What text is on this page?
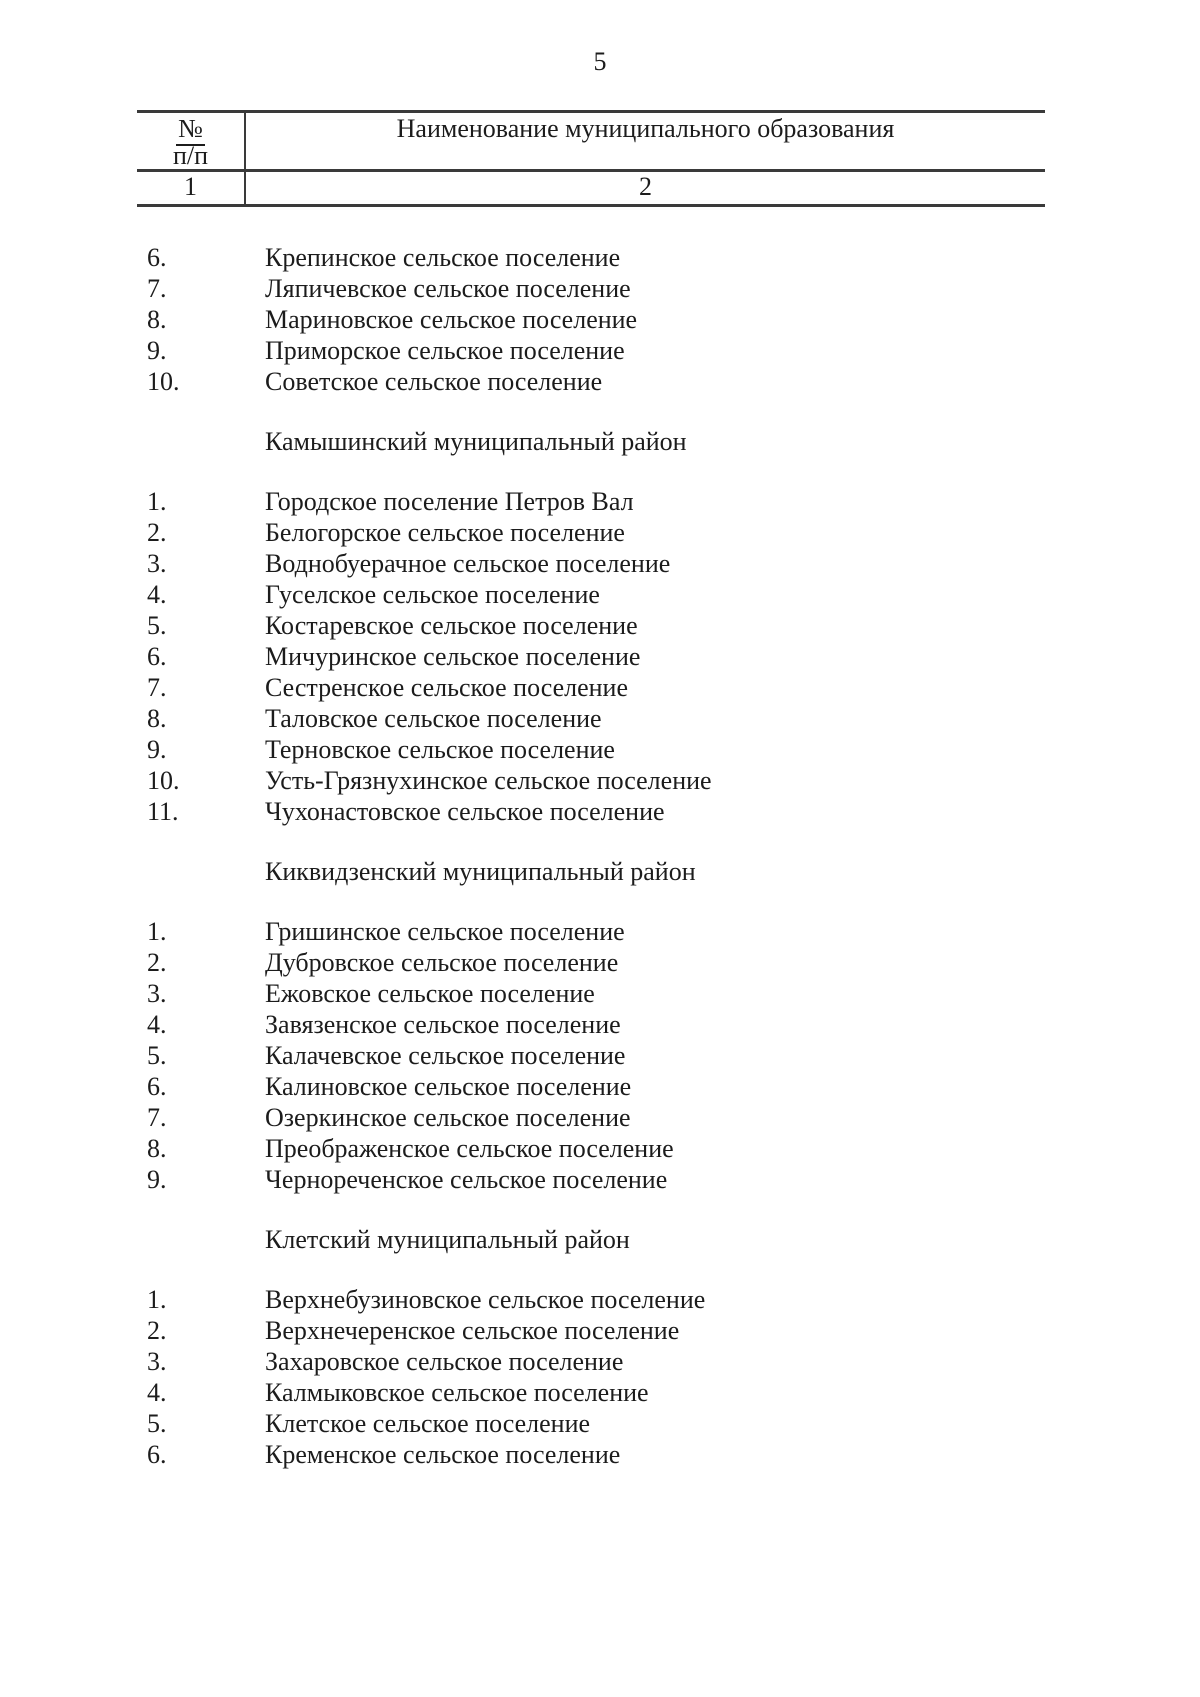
5
№
п/п	Наименование муниципального образования
1	2
6.	Крепинское сельское поселение
7.	Ляпичевское сельское поселение
8.	Мариновское сельское поселение
9.	Приморское сельское поселение
10.	Советское сельское поселение
Камышинский муниципальный район
1.	Городское поселение Петров Вал
2.	Белогорское сельское поселение
3.	Воднобуерачное сельское поселение
4.	Гуселское сельское поселение
5.	Костаревское сельское поселение
6.	Мичуринское сельское поселение
7.	Сестренское сельское поселение
8.	Таловское сельское поселение
9.	Терновское сельское поселение
10.	Усть-Грязнухинское сельское поселение
11.	Чухонастовское сельское поселение
Киквидзенский муниципальный район
1.	Гришинское сельское поселение
2.	Дубровское сельское поселение
3.	Ежовское сельское поселение
4.	Завязенское сельское поселение
5.	Калачевское сельское поселение
6.	Калиновское сельское поселение
7.	Озеркинское сельское поселение
8.	Преображенское сельское поселение
9.	Чернореченское сельское поселение
Клетский муниципальный район
1.	Верхнебузиновское сельское поселение
2.	Верхнечеренское сельское поселение
3.	Захаровское сельское поселение
4.	Калмыковское сельское поселение
5.	Клетское сельское поселение
6.	Кременское сельское поселение
